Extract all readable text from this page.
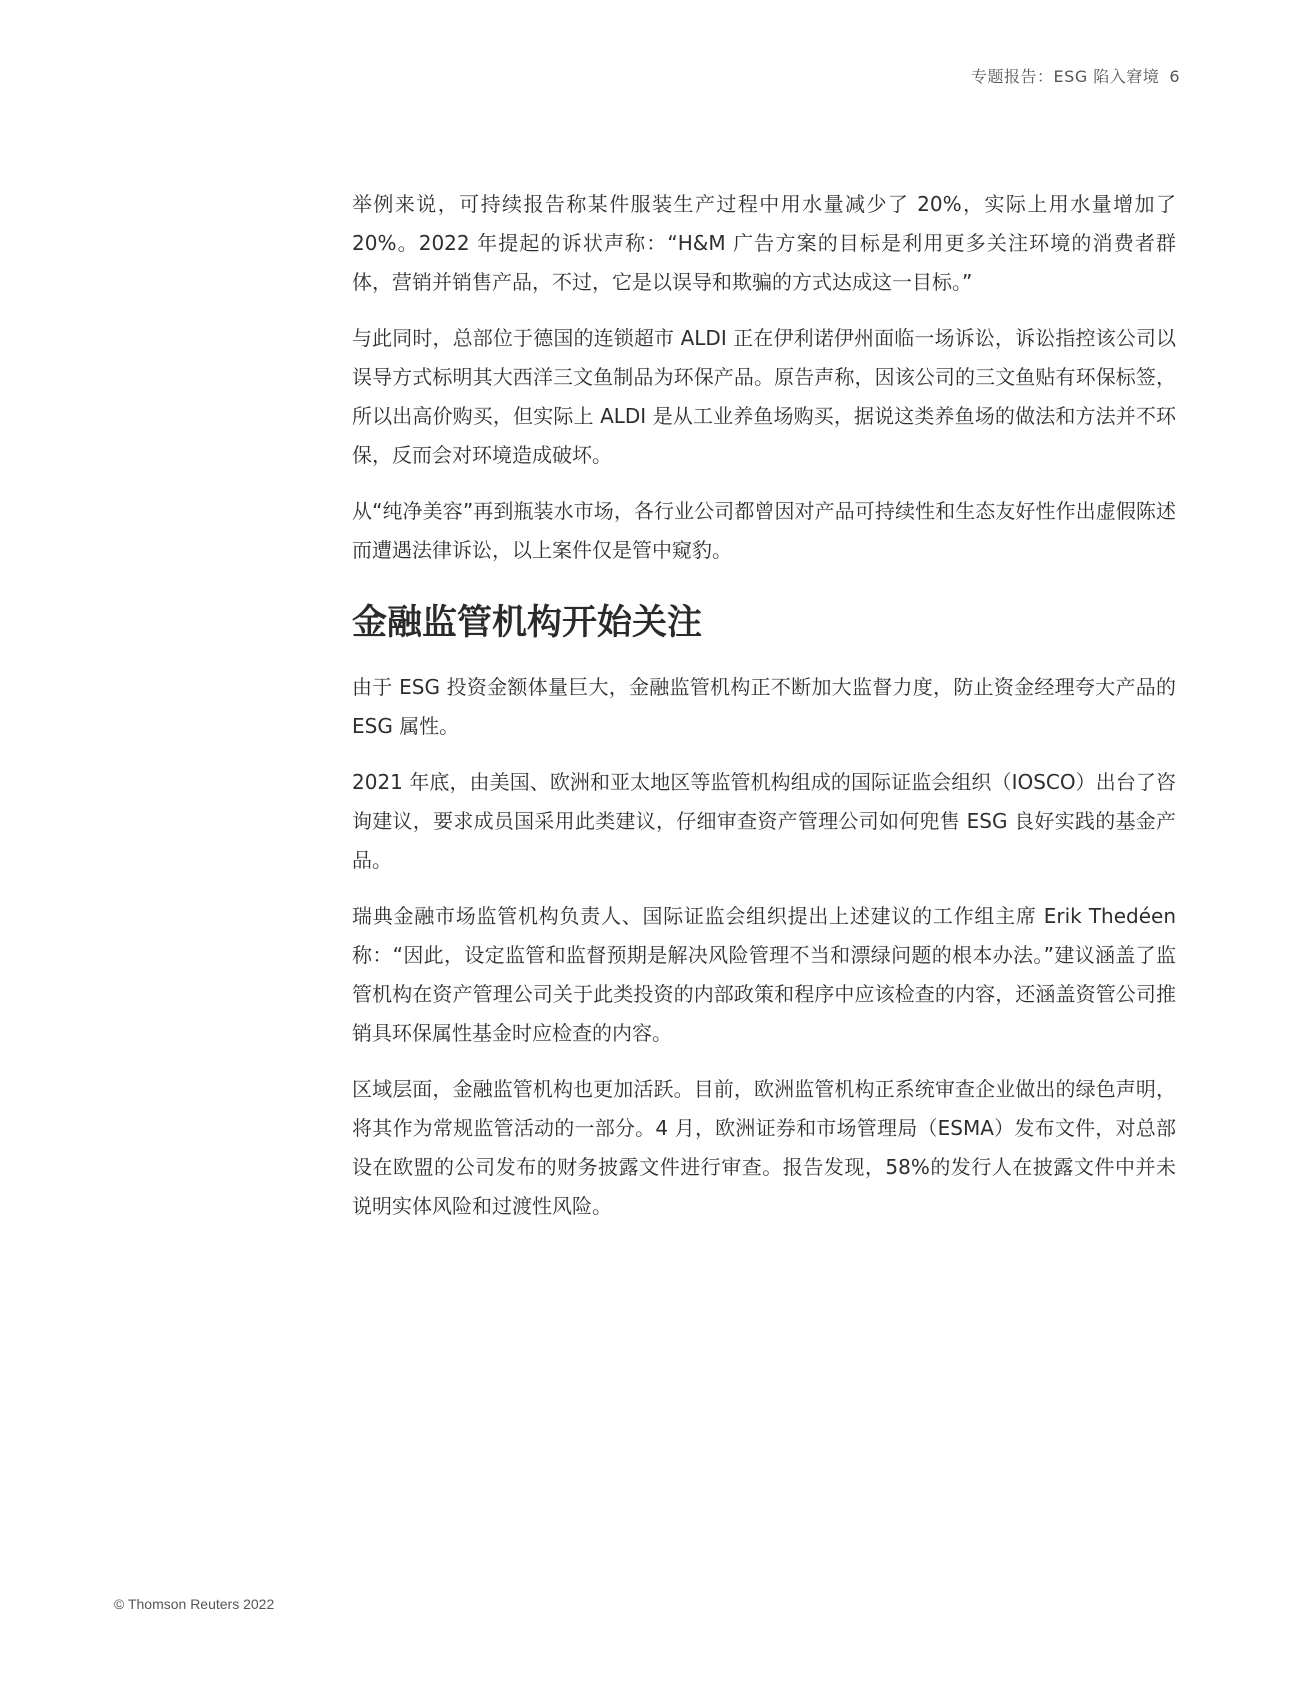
专题报告：ESG 陷入窘境 6

举例来说，可持续报告称某件服装生产过程中用水量减少了 20%，实际上用水量增加了 20%。2022 年提起的诉状声称：“H&M 广告方案的目标是利用更多关注环境的消费者群体，营销并销售产品，不过，它是以误导和欺骗的方式达成这一目标。”

与此同时，总部位于德国的连锁超市 ALDI 正在伊利诺伊州面临一场诉讼，诉讼指控该公司以误导方式标明其大西洋三文鱼制品为环保产品。原告声称，因该公司的三文鱼贴有环保标签，所以出高价购买，但实际上 ALDI 是从工业养鱼场购买，据说这类养鱼场的做法和方法并不环保，反而会对环境造成破坏。

从“纯净美容”再到瓶装水市场，各行业公司都曾因对产品可持续性和生态友好性作出虚假陈述而遭遇法律诉讼，以上案件仅是管中窥豹。

金融监管机构开始关注

由于 ESG 投资金额体量巨大，金融监管机构正不断加大监督力度，防止资金经理夸大产品的 ESG 属性。

2021 年底，由美国、欧洲和亚太地区等监管机构组成的国际证监会组织（IOSCO）出台了咨询建议，要求成员国采用此类建议，仔细审查资产管理公司如何兜售 ESG 良好实践的基金产品。

瑞典金融市场监管机构负责人、国际证监会组织提出上述建议的工作组主席 Erik Thedéen 称：“因此，设定监管和监督预期是解决风险管理不当和漂绿问题的根本办法。”建议涵盖了监管机构在资产管理公司关于此类投资的内部政策和程序中应该检查的内容，还涵盖资管公司推销具环保属性基金时应检查的内容。

区域层面，金融监管机构也更加活跃。目前，欧洲监管机构正系统审查企业做出的绿色声明，将其作为常规监管活动的一部分。4 月，欧洲证券和市场管理局（ESMA）发布文件，对总部设在欧盟的公司发布的财务披露文件进行审查。报告发现，58%的发行人在披露文件中并未说明实体风险和过渡性风险。

© Thomson Reuters 2022
